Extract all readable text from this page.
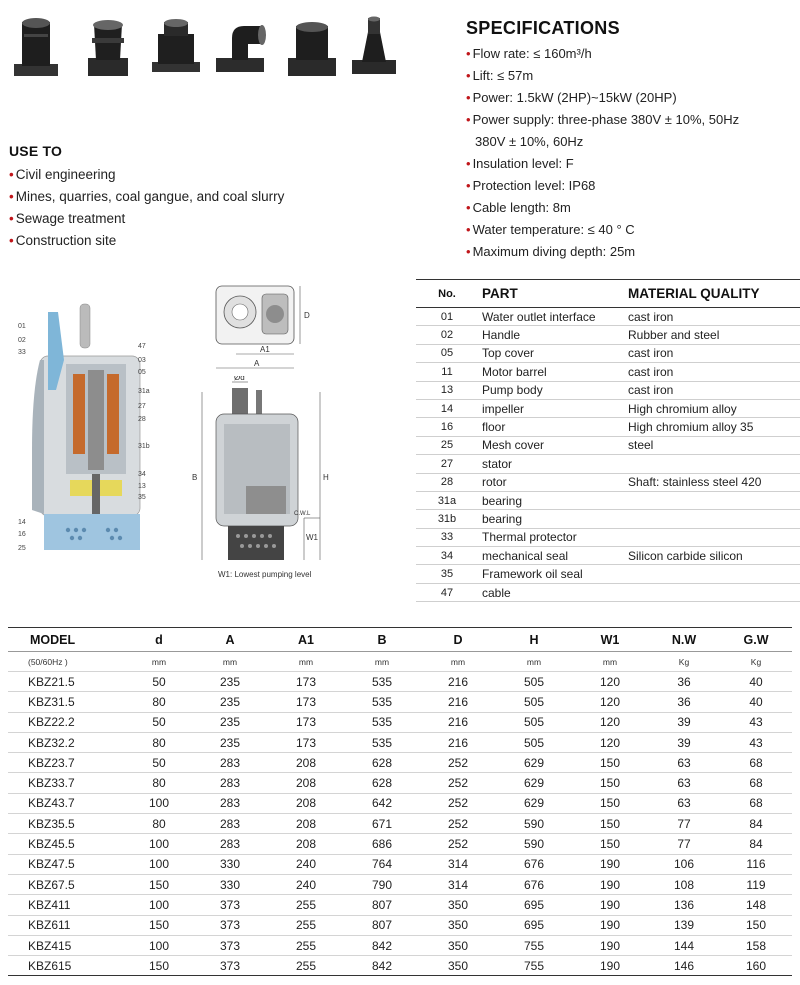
USE TO
• Civil engineering
• Mines, quarries, coal gangue, and coal slurry
• Sewage treatment
• Construction site
SPECIFICATIONS
• Flow rate: ≤ 160m³/h
• Lift: ≤ 57m
• Power: 1.5kW (2HP)~15kW (20HP)
• Power supply: three-phase 380V ± 10%, 50Hz
380V ± 10%, 60Hz
• Insulation level: F
• Protection level: IP68
• Cable length: 8m
• Water temperature: ≤ 40 ° C
• Maximum diving depth: 25m
01
02
33
14
16
25
47
03
05
31a
27
28
31b
34
13
35
D
A1
A
Ød
B	H
W1
C.W.L
W1: Lowest pumping level
No.	PART	MATERIAL QUALITY
01	Water outlet interface	cast iron
02	Handle	Rubber and steel
05	Top cover	cast iron
11	Motor barrel	cast iron
13	Pump body	cast iron
14	impeller	High chromium alloy
16	floor	High chromium alloy 35
25	Mesh cover	steel
27	stator	
28	rotor	Shaft: stainless steel 420
31a	bearing	
31b	bearing	
33	Thermal protector	
34	mechanical seal	Silicon carbide silicon
35	Framework oil seal	
47	cable	
MODEL	d	A	A1	B	D	H	W1	N.W	G.W
(50/60Hz )	mm	mm	mm	mm	mm	mm	mm	Kg	Kg
KBZ21.5	50	235	173	535	216	505	120	36	40
KBZ31.5	80	235	173	535	216	505	120	36	40
KBZ22.2	50	235	173	535	216	505	120	39	43
KBZ32.2	80	235	173	535	216	505	120	39	43
KBZ23.7	50	283	208	628	252	629	150	63	68
KBZ33.7	80	283	208	628	252	629	150	63	68
KBZ43.7	100	283	208	642	252	629	150	63	68
KBZ35.5	80	283	208	671	252	590	150	77	84
KBZ45.5	100	283	208	686	252	590	150	77	84
KBZ47.5	100	330	240	764	314	676	190	106	116
KBZ67.5	150	330	240	790	314	676	190	108	119
KBZ411	100	373	255	807	350	695	190	136	148
KBZ611	150	373	255	807	350	695	190	139	150
KBZ415	100	373	255	842	350	755	190	144	158
KBZ615	150	373	255	842	350	755	190	146	160
